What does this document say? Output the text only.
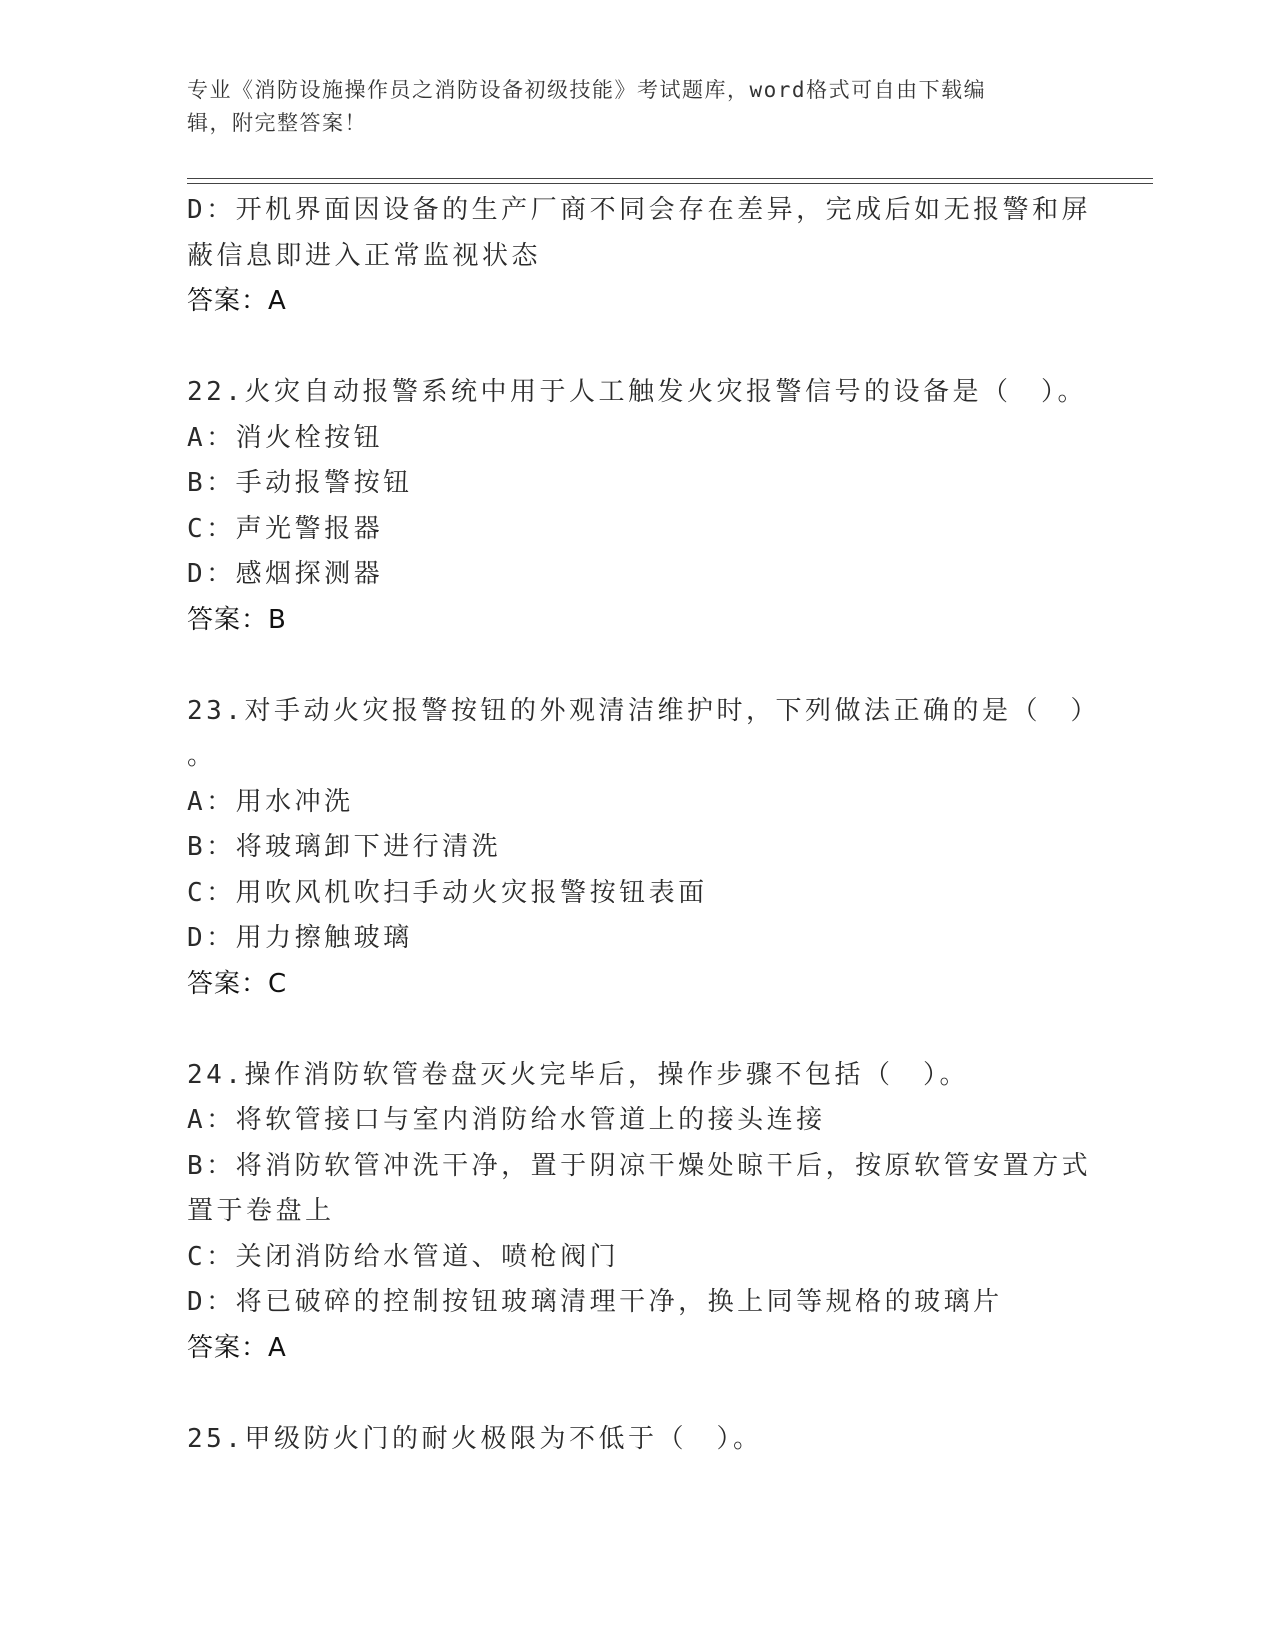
专业《消防设施操作员之消防设备初级技能》考试题库，word格式可自由下载编
辑，附完整答案！
D：开机界面因设备的生产厂商不同会存在差异，完成后如无报警和屏
蔽信息即进入正常监视状态
答案：A
22.火灾自动报警系统中用于人工触发火灾报警信号的设备是（　）。
A：消火栓按钮
B：手动报警按钮
C：声光警报器
D：感烟探测器
答案：B
23.对手动火灾报警按钮的外观清洁维护时，下列做法正确的是（　）
。
A：用水冲洗
B：将玻璃卸下进行清洗
C：用吹风机吹扫手动火灾报警按钮表面
D：用力擦触玻璃
答案：C
24.操作消防软管卷盘灭火完毕后，操作步骤不包括（　）。
A：将软管接口与室内消防给水管道上的接头连接
B：将消防软管冲洗干净，置于阴凉干燥处晾干后，按原软管安置方式
置于卷盘上
C：关闭消防给水管道、喷枪阀门
D：将已破碎的控制按钮玻璃清理干净，换上同等规格的玻璃片
答案：A
25.甲级防火门的耐火极限为不低于（　）。
